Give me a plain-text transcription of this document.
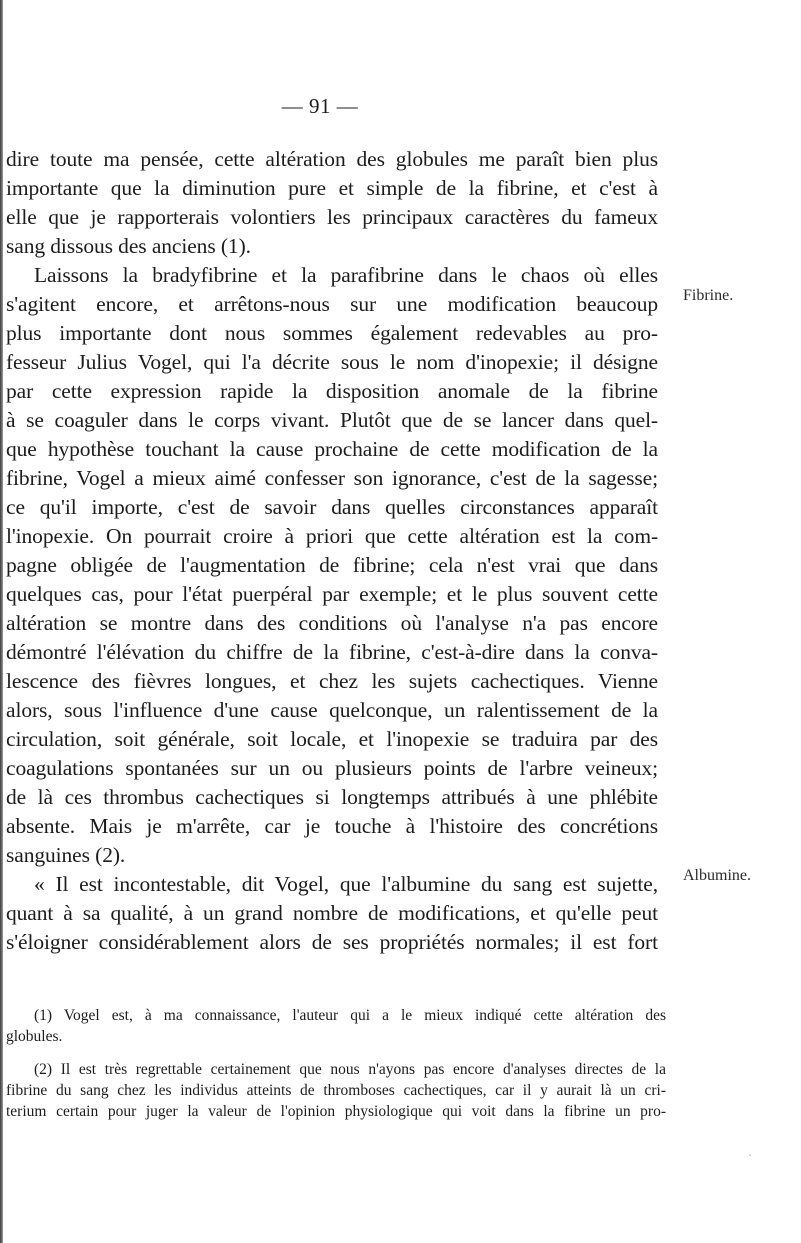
— 91 —
Fibrine.
Albumine.
dire toute ma pensée, cette altération des globules me paraît bien plus
importante que la diminution pure et simple de la fibrine, et c'est à
elle que je rapporterais volontiers les principaux caractères du fameux
sang dissous des anciens (1).
Laissons la bradyfibrine et la parafibrine dans le chaos où elles
s'agitent encore, et arrêtons-nous sur une modification beaucoup
plus importante dont nous sommes également redevables au pro-
fesseur Julius Vogel, qui l'a décrite sous le nom d'inopexie; il désigne
par cette expression rapide la disposition anomale de la fibrine
à se coaguler dans le corps vivant. Plutôt que de se lancer dans quel-
que hypothèse touchant la cause prochaine de cette modification de la
fibrine, Vogel a mieux aimé confesser son ignorance, c'est de la sagesse;
ce qu'il importe, c'est de savoir dans quelles circonstances apparaît
l'inopexie. On pourrait croire à priori que cette altération est la com-
pagne obligée de l'augmentation de fibrine; cela n'est vrai que dans
quelques cas, pour l'état puerpéral par exemple; et le plus souvent cette
altération se montre dans des conditions où l'analyse n'a pas encore
démontré l'élévation du chiffre de la fibrine, c'est-à-dire dans la conva-
lescence des fièvres longues, et chez les sujets cachectiques. Vienne
alors, sous l'influence d'une cause quelconque, un ralentissement de la
circulation, soit générale, soit locale, et l'inopexie se traduira par des
coagulations spontanées sur un ou plusieurs points de l'arbre veineux;
de là ces thrombus cachectiques si longtemps attribués à une phlébite
absente. Mais je m'arrête, car je touche à l'histoire des concrétions
sanguines (2).
« Il est incontestable, dit Vogel, que l'albumine du sang est sujette,
quant à sa qualité, à un grand nombre de modifications, et qu'elle peut
s'éloigner considérablement alors de ses propriétés normales; il est fort
(1) Vogel est, à ma connaissance, l'auteur qui a le mieux indiqué cette altération des
globules.
(2) Il est très regrettable certainement que nous n'ayons pas encore d'analyses directes de la
fibrine du sang chez les individus atteints de thromboses cachectiques, car il y aurait là un cri-
terium certain pour juger la valeur de l'opinion physiologique qui voit dans la fibrine un pro-
·
